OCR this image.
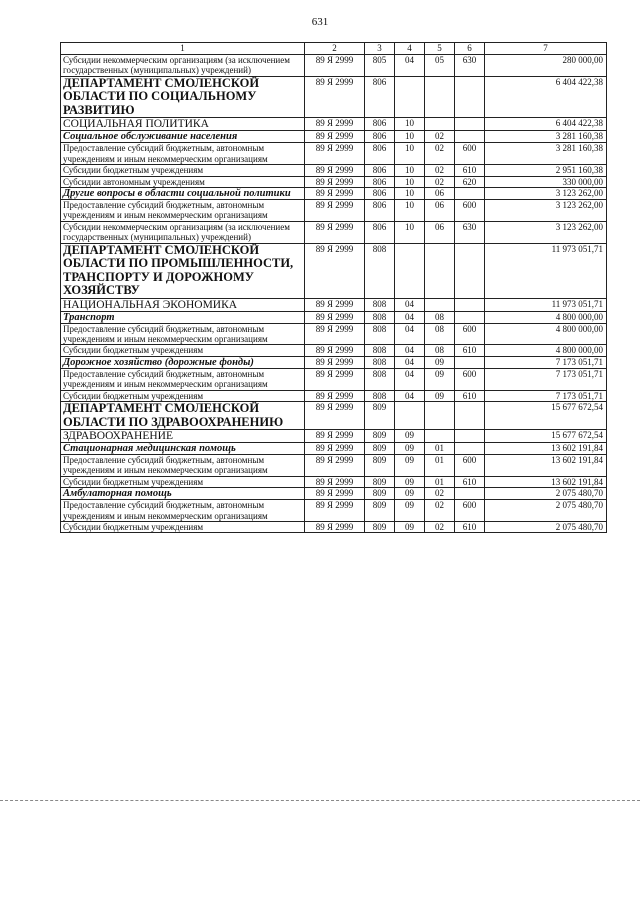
631
1	2	3	4	5	6	7
Субсидии некоммерческим организациям (за исключением государственных (муниципальных) учреждений)	89 Я 2999	805	04	05	630	280 000,00
ДЕПАРТАМЕНТ СМОЛЕНСКОЙ ОБЛАСТИ ПО СОЦИАЛЬНОМУ РАЗВИТИЮ	89 Я 2999	806				6 404 422,38
СОЦИАЛЬНАЯ ПОЛИТИКА	89 Я 2999	806	10			6 404 422,38
Социальное обслуживание населения	89 Я 2999	806	10	02		3 281 160,38
Предоставление субсидий бюджетным, автономным учреждениям и иным некоммерческим организациям	89 Я 2999	806	10	02	600	3 281 160,38
Субсидии бюджетным учреждениям	89 Я 2999	806	10	02	610	2 951 160,38
Субсидии автономным учреждениям	89 Я 2999	806	10	02	620	330 000,00
Другие вопросы в области социальной политики	89 Я 2999	806	10	06		3 123 262,00
Предоставление субсидий бюджетным, автономным учреждениям и иным некоммерческим организациям	89 Я 2999	806	10	06	600	3 123 262,00
Субсидии некоммерческим организациям (за исключением государственных (муниципальных) учреждений)	89 Я 2999	806	10	06	630	3 123 262,00
ДЕПАРТАМЕНТ СМОЛЕНСКОЙ ОБЛАСТИ ПО ПРОМЫШЛЕННОСТИ, ТРАНСПОРТУ И ДОРОЖНОМУ ХОЗЯЙСТВУ	89 Я 2999	808				11 973 051,71
НАЦИОНАЛЬНАЯ ЭКОНОМИКА	89 Я 2999	808	04			11 973 051,71
Транспорт	89 Я 2999	808	04	08		4 800 000,00
Предоставление субсидий бюджетным, автономным учреждениям и иным некоммерческим организациям	89 Я 2999	808	04	08	600	4 800 000,00
Субсидии бюджетным учреждениям	89 Я 2999	808	04	08	610	4 800 000,00
Дорожное хозяйство (дорожные фонды)	89 Я 2999	808	04	09		7 173 051,71
Предоставление субсидий бюджетным, автономным учреждениям и иным некоммерческим организациям	89 Я 2999	808	04	09	600	7 173 051,71
Субсидии бюджетным учреждениям	89 Я 2999	808	04	09	610	7 173 051,71
ДЕПАРТАМЕНТ СМОЛЕНСКОЙ ОБЛАСТИ ПО ЗДРАВООХРАНЕНИЮ	89 Я 2999	809				15 677 672,54
ЗДРАВООХРАНЕНИЕ	89 Я 2999	809	09			15 677 672,54
Стационарная медицинская помощь	89 Я 2999	809	09	01		13 602 191,84
Предоставление субсидий бюджетным, автономным учреждениям и иным некоммерческим организациям	89 Я 2999	809	09	01	600	13 602 191,84
Субсидии бюджетным учреждениям	89 Я 2999	809	09	01	610	13 602 191,84
Амбулаторная помощь	89 Я 2999	809	09	02		2 075 480,70
Предоставление субсидий бюджетным, автономным учреждениям и иным некоммерческим организациям	89 Я 2999	809	09	02	600	2 075 480,70
Субсидии бюджетным учреждениям	89 Я 2999	809	09	02	610	2 075 480,70
